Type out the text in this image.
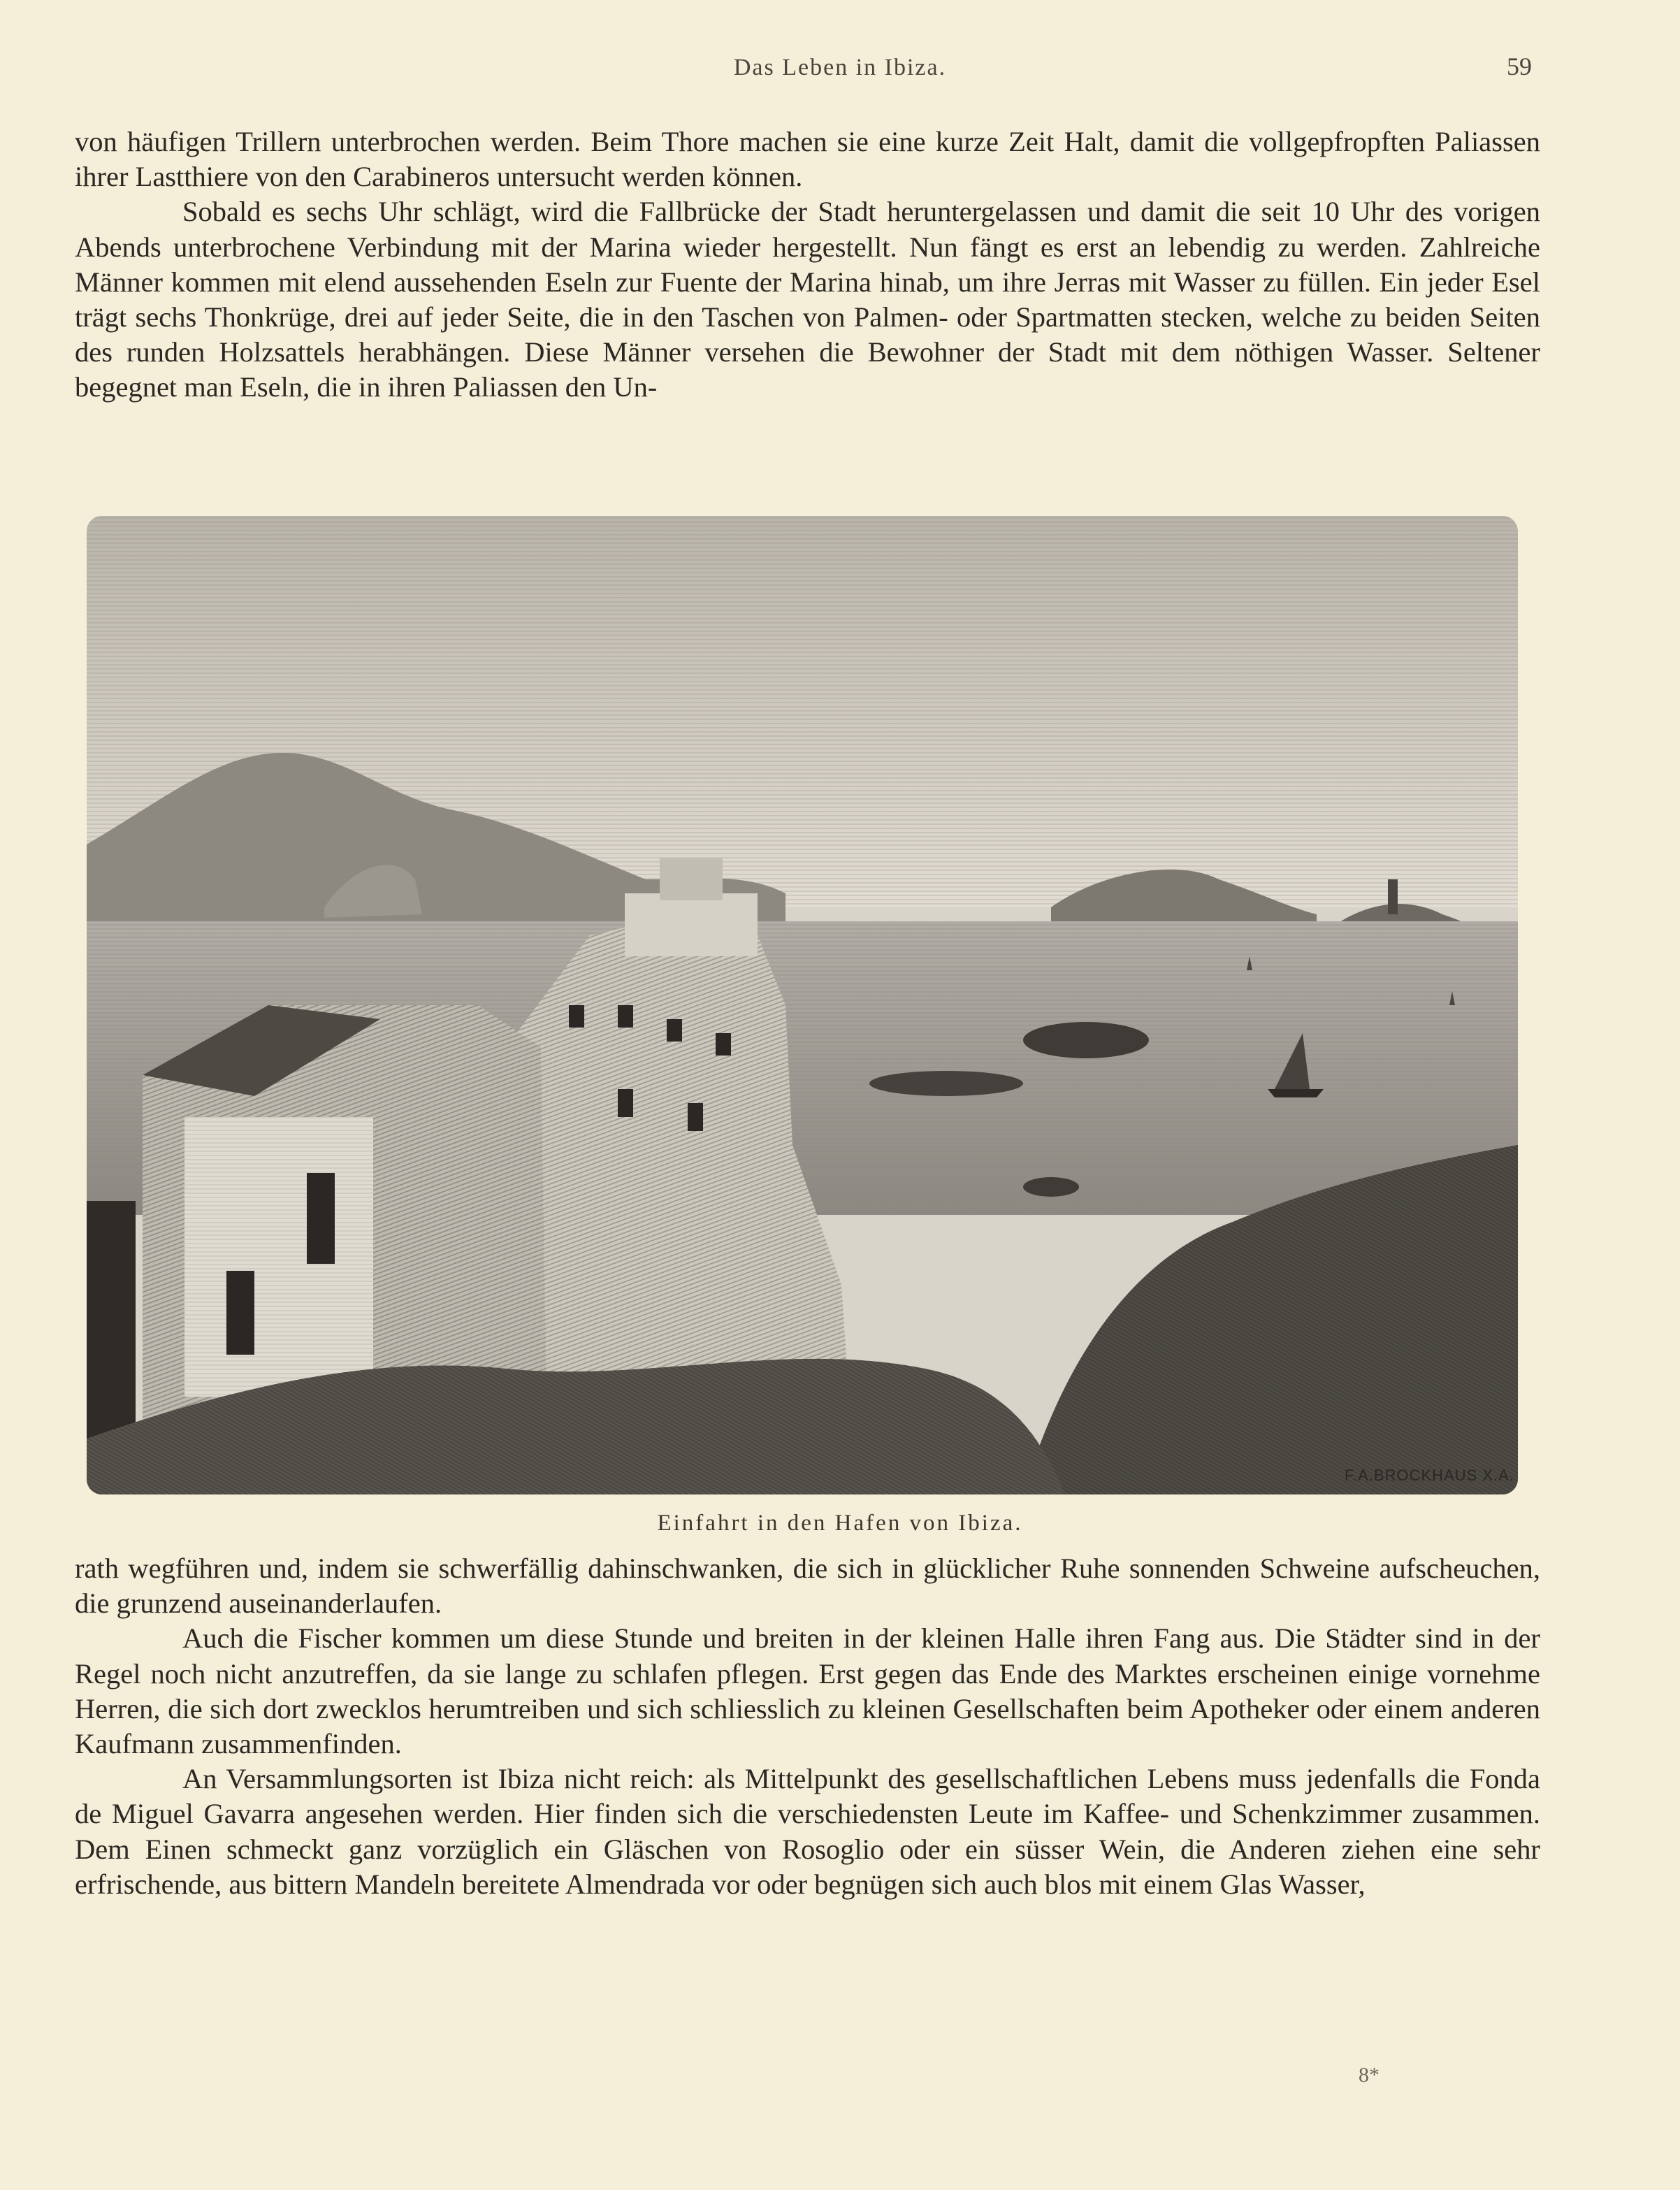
Das Leben in Ibiza.	59

von häufigen Trillern unterbrochen werden. Beim Thore machen sie eine kurze Zeit Halt, damit die vollgepfropften Paliassen ihrer Lastthiere von den Carabineros untersucht werden können.

Sobald es sechs Uhr schlägt, wird die Fallbrücke der Stadt heruntergelassen und damit die seit 10 Uhr des vorigen Abends unterbrochene Verbindung mit der Marina wieder hergestellt. Nun fängt es erst an lebendig zu werden. Zahlreiche Männer kommen mit elend aussehenden Eseln zur Fuente der Marina hinab, um ihre Jerras mit Wasser zu füllen. Ein jeder Esel trägt sechs Thonkrüge, drei auf jeder Seite, die in den Taschen von Palmen- oder Spartmatten stecken, welche zu beiden Seiten des runden Holzsattels herabhängen. Diese Männer versehen die Bewohner der Stadt mit dem nöthigen Wasser. Seltener begegnet man Eseln, die in ihren Paliassen den Un-

F.A.BROCKHAUS X.A.
Einfahrt in den Hafen von Ibiza.

rath wegführen und, indem sie schwerfällig dahinschwanken, die sich in glücklicher Ruhe sonnenden Schweine aufscheuchen, die grunzend auseinanderlaufen.

Auch die Fischer kommen um diese Stunde und breiten in der kleinen Halle ihren Fang aus. Die Städter sind in der Regel noch nicht anzutreffen, da sie lange zu schlafen pflegen. Erst gegen das Ende des Marktes erscheinen einige vornehme Herren, die sich dort zwecklos herumtreiben und sich schliesslich zu kleinen Gesellschaften beim Apotheker oder einem anderen Kaufmann zusammenfinden.

An Versammlungsorten ist Ibiza nicht reich: als Mittelpunkt des gesellschaftlichen Lebens muss jedenfalls die Fonda de Miguel Gavarra angesehen werden. Hier finden sich die verschiedensten Leute im Kaffee- und Schenkzimmer zusammen. Dem Einen schmeckt ganz vorzüglich ein Gläschen von Rosoglio oder ein süsser Wein, die Anderen ziehen eine sehr erfrischende, aus bittern Mandeln bereitete Almendrada vor oder begnügen sich auch blos mit einem Glas Wasser,

8*
